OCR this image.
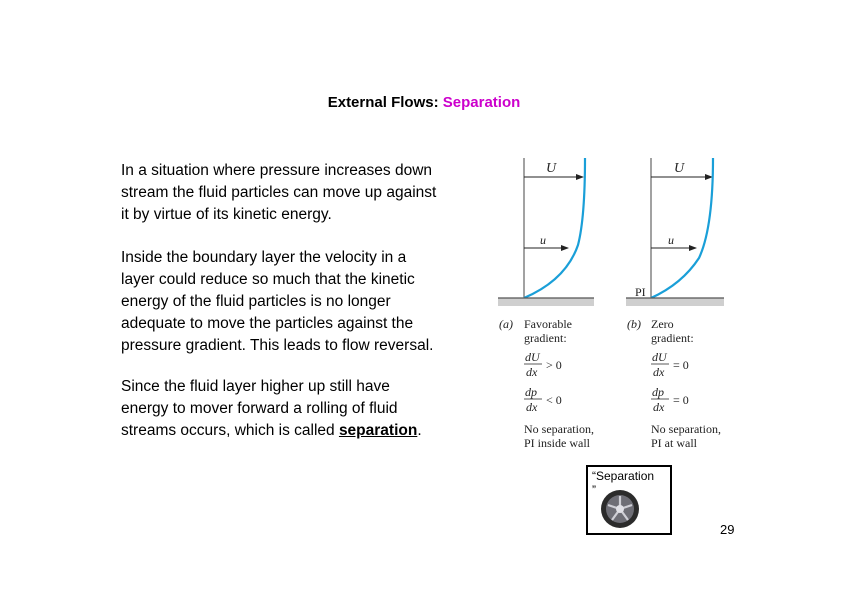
External Flows: Separation

In a situation where pressure increases down
stream the fluid particles can move up against
it by virtue of its kinetic energy.

Inside the boundary layer the velocity in a
layer could reduce so much that the kinetic
energy of the fluid particles is no longer
adequate to move the particles against the
pressure gradient. This leads to flow reversal.

Since the fluid layer higher up still have
energy to mover forward a rolling of fluid
streams occurs, which is called separation.

U
u
(a) Favorable
gradient:
dU
dx > 0
dp
dx < 0
No separation,
PI inside wall
U
u
PI
(b) Zero
gradient:
dU
dx = 0
dp
dx = 0
No separation,
PI at wall
“Separation
”
29
